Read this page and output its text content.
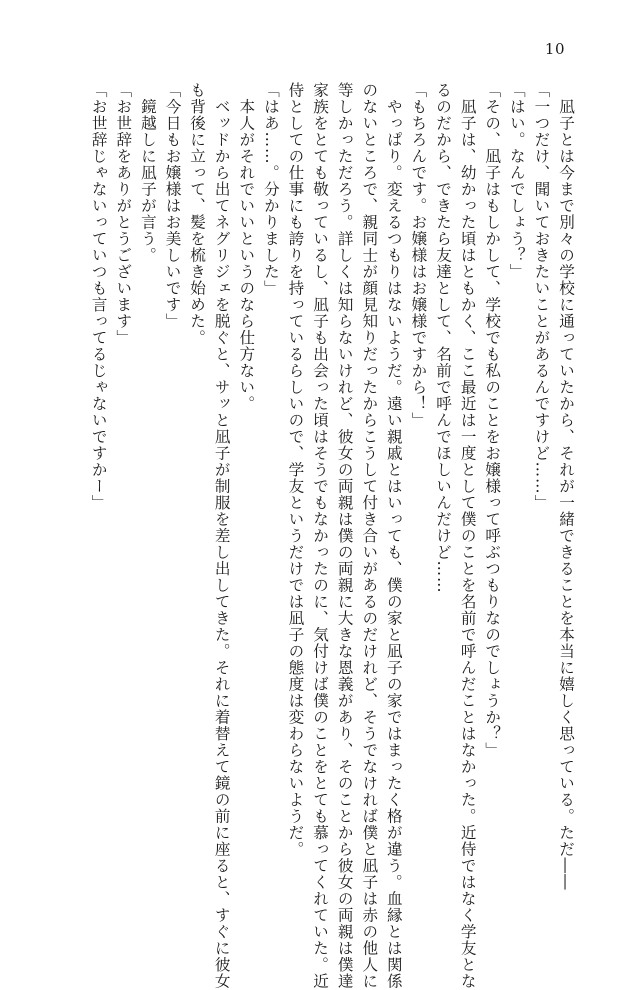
10
　凪子とは今まで別々の学校に通っていたから、それが一緒できることを本当に嬉しく思っている。ただ――
「一つだけ、聞いておきたいことがあるんですけど……」
「はい。なんでしょう？」
「その、凪子はもしかして、学校でも私のことをお嬢様って呼ぶつもりなのでしょうか？」
　凪子は、幼かった頃はともかく、ここ最近は一度として僕のことを名前で呼んだことはなかった。近侍ではなく学友とな
るのだから、できたら友達として、名前で呼んでほしいんだけど……
「もちろんです。お嬢様はお嬢様ですから！」
　やっぱり。変えるつもりはないようだ。遠い親戚とはいっても、僕の家と凪子の家ではまったく格が違う。血縁とは関係
のないところで、親同士が顔見知りだったからこうして付き合いがあるのだけれど、そうでなければ僕と凪子は赤の他人に
等しかっただろう。詳しくは知らないけれど、彼女の両親は僕の両親に大きな恩義があり、そのことから彼女の両親は僕達
家族をとても敬っているし、凪子も出会った頃はそうでもなかったのに、気付けば僕のことをとても慕ってくれていた。近
侍としての仕事にも誇りを持っているらしいので、学友というだけでは凪子の態度は変わらないようだ。
「はあ……。分かりました」
　本人がそれでいいというのなら仕方ない。
　ベッドから出てネグリジェを脱ぐと、サッと凪子が制服を差し出してきた。それに着替えて鏡の前に座ると、すぐに彼女
も背後に立って、髪を梳き始めた。
「今日もお嬢様はお美しいです」
　鏡越しに凪子が言う。
「お世辞をありがとうございます」
「お世辞じゃないっていつも言ってるじゃないですかー」
